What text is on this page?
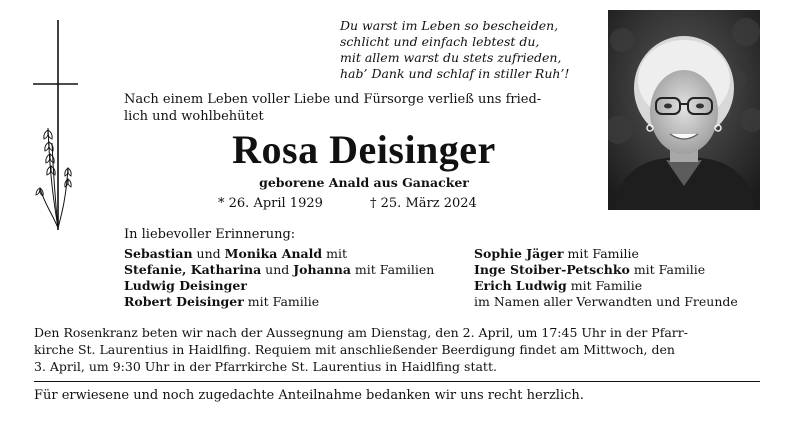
Du warst im Leben so bescheiden,
schlicht und einfach lebtest du,
mit allem warst du stets zufrieden,
hab’ Dank und schlaf in stiller Ruh’!
Nach einem Leben voller Liebe und Fürsorge verließ uns fried-
lich und wohlbehütet
Rosa Deisinger
geborene Anald aus Ganacker
* 26. April 1929	† 25. März 2024
In liebevoller Erinnerung:
Sebastian und Monika Anald mit
Stefanie, Katharina und Johanna mit Familien
Ludwig Deisinger
Robert Deisinger mit Familie
Sophie Jäger mit Familie
Inge Stoiber-Petschko mit Familie
Erich Ludwig mit Familie
im Namen aller Verwandten und Freunde
Den Rosenkranz beten wir nach der Aussegnung am Dienstag, den 2. April, um 17:45 Uhr in der Pfarr-
kirche St. Laurentius in Haidlfing. Requiem mit anschließender Beerdigung findet am Mittwoch, den
3. April, um 9:30 Uhr in der Pfarrkirche St. Laurentius in Haidlfing statt.
Für erwiesene und noch zugedachte Anteilnahme bedanken wir uns recht herzlich.
